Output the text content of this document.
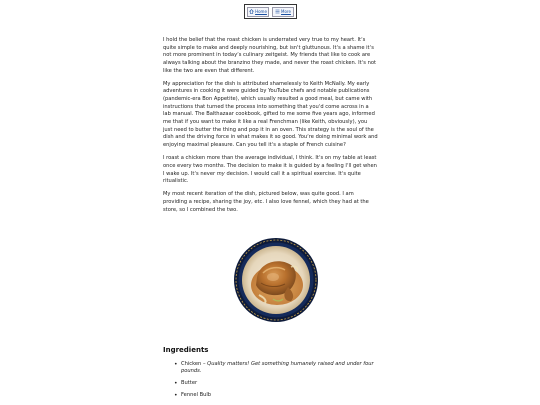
Home	More

I hold the belief that the roast chicken is underrated very true to my heart. Itʼs quite simple to make and deeply nourishing, but isn't gluttunous. Itʼs a shame itʼs not more prominent in todayʼs culinary zeitgeist. My friends that like to cook are always talking about the branzino they made, and never the roast chicken. Itʼs not like the two are even that different.

My appreciation for the dish is attributed shamelessly to Keith McNally. My early adventures in cooking it were guided by YouTube chefs and notable publications (pandemic-era Bon Appetite), which usually resulted a good meal, but came with instructions that turned the process into something that youʼd come across in a lab manual. The Balthazaar cookbook, gifted to me some five years ago, informed me that if you want to make it like a real Frenchman (like Keith, obviously), you just need to butter the thing and pop it in an oven. This strategy is the soul of the dish and the driving force in what makes it so good. Youʼre doing minimal work and enjoying maximal pleasure. Can you tell itʼs a staple of French cuisine?

I roast a chicken more than the average individual, I think. Itʼs on my table at least once every two months. The decision to make it is guided by a feeling Iʼll get when I wake up. Itʼs never my decision. I would call it a spiritual exercise. Itʼs quite ritualistic.

My most recent iteration of the dish, pictured below, was quite good. I am providing a recipe, sharing the joy, etc. I also love fennel, which they had at the store, so I combined the two.

Ingredients
• Chicken – Quality matters! Get something humanely raised and under four pounds.
• Butter
• Fennel Bulb
